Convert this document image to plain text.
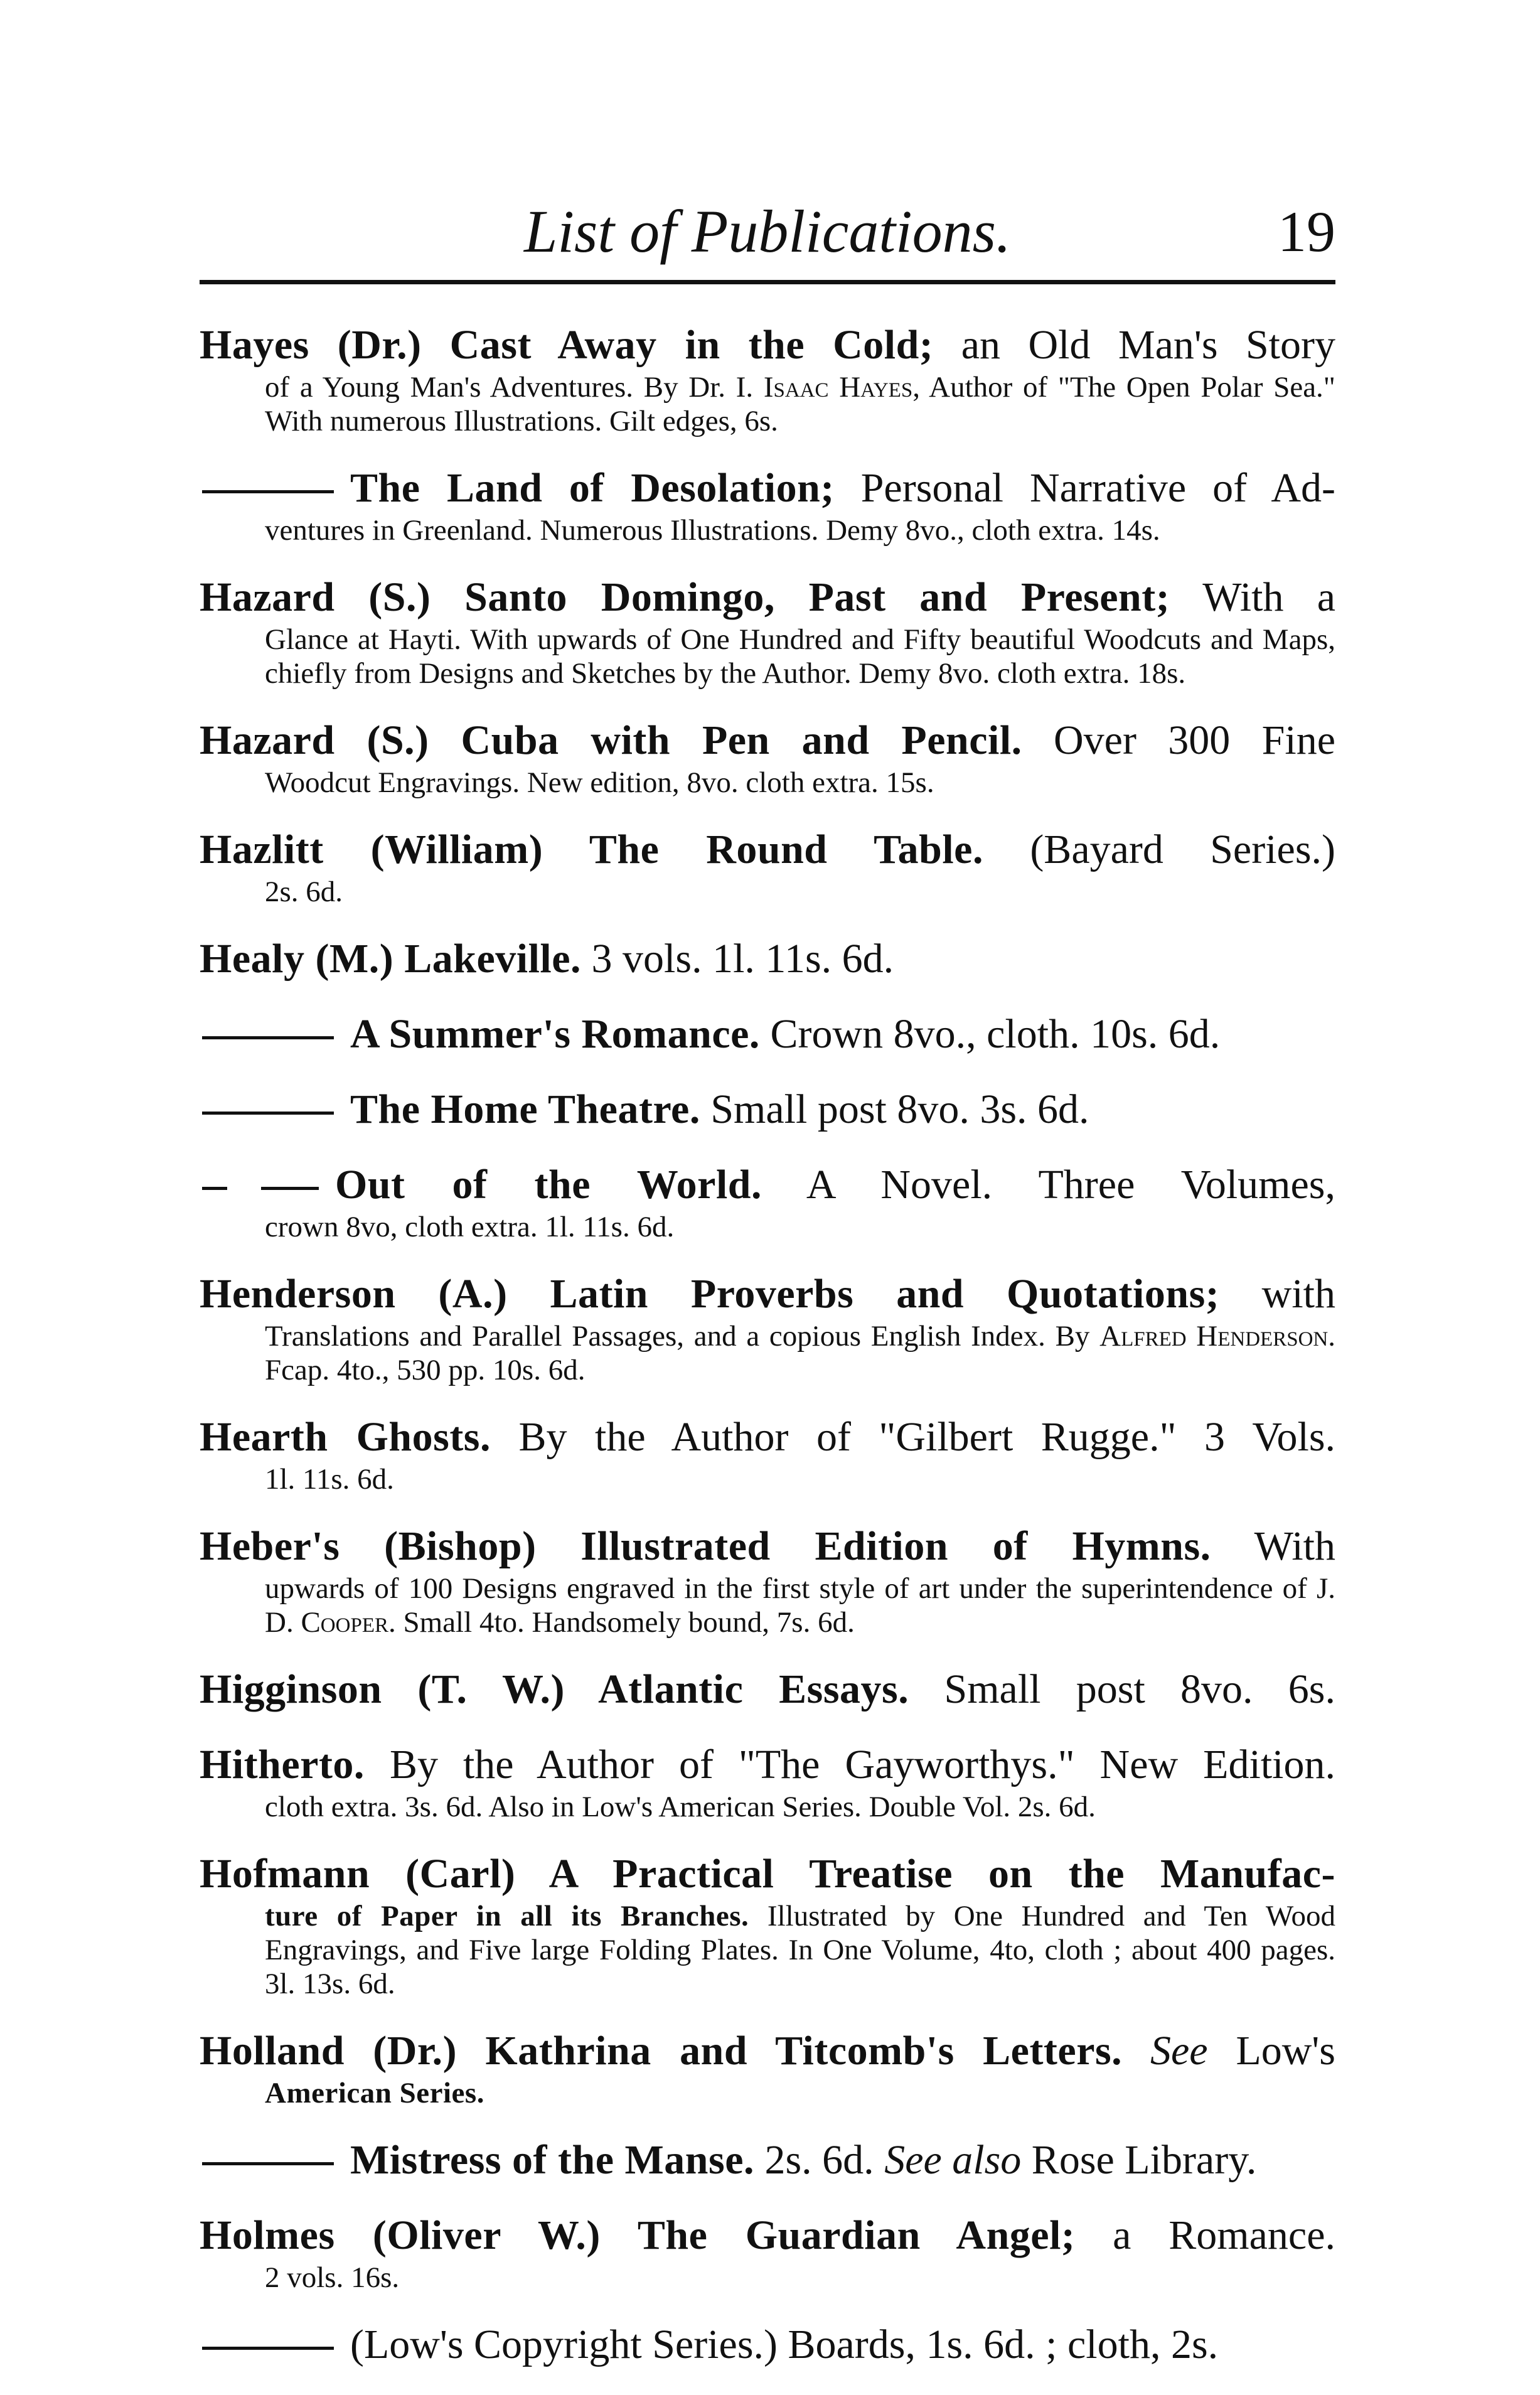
List of Publications.	19
Hayes (Dr.) Cast Away in the Cold; an Old Man's Story
of a Young Man's Adventures. By Dr. I. Isaac Hayes, Author of "The Open Polar Sea." With numerous Illustrations. Gilt edges, 6s.
The Land of Desolation; Personal Narrative of Ad-
ventures in Greenland. Numerous Illustrations. Demy 8vo., cloth extra. 14s.
Hazard (S.) Santo Domingo, Past and Present; With a
Glance at Hayti. With upwards of One Hundred and Fifty beautiful Woodcuts and Maps, chiefly from Designs and Sketches by the Author. Demy 8vo. cloth extra. 18s.
Hazard (S.) Cuba with Pen and Pencil. Over 300 Fine
Woodcut Engravings. New edition, 8vo. cloth extra. 15s.
Hazlitt (William) The Round Table. (Bayard Series.)
2s. 6d.
Healy (M.) Lakeville. 3 vols. 1l. 11s. 6d.
A Summer's Romance. Crown 8vo., cloth. 10s. 6d.
The Home Theatre. Small post 8vo. 3s. 6d.
Out of the World. A Novel. Three Volumes,
crown 8vo, cloth extra. 1l. 11s. 6d.
Henderson (A.) Latin Proverbs and Quotations; with
Translations and Parallel Passages, and a copious English Index. By Alfred Henderson. Fcap. 4to., 530 pp. 10s. 6d.
Hearth Ghosts. By the Author of "Gilbert Rugge." 3 Vols.
1l. 11s. 6d.
Heber's (Bishop) Illustrated Edition of Hymns. With
upwards of 100 Designs engraved in the first style of art under the superintendence of J. D. Cooper. Small 4to. Handsomely bound, 7s. 6d.
Higginson (T. W.) Atlantic Essays. Small post 8vo. 6s.
Hitherto. By the Author of "The Gayworthys." New Edition.
cloth extra. 3s. 6d. Also in Low's American Series. Double Vol. 2s. 6d.
Hofmann (Carl) A Practical Treatise on the Manufac-
ture of Paper in all its Branches. Illustrated by One Hundred and Ten Wood Engravings, and Five large Folding Plates. In One Volume, 4to, cloth ; about 400 pages. 3l. 13s. 6d.
Holland (Dr.) Kathrina and Titcomb's Letters. See Low's
American Series.
Mistress of the Manse. 2s. 6d. See also Rose Library.
Holmes (Oliver W.) The Guardian Angel; a Romance.
2 vols. 16s.
(Low's Copyright Series.) Boards, 1s. 6d. ; cloth, 2s.
